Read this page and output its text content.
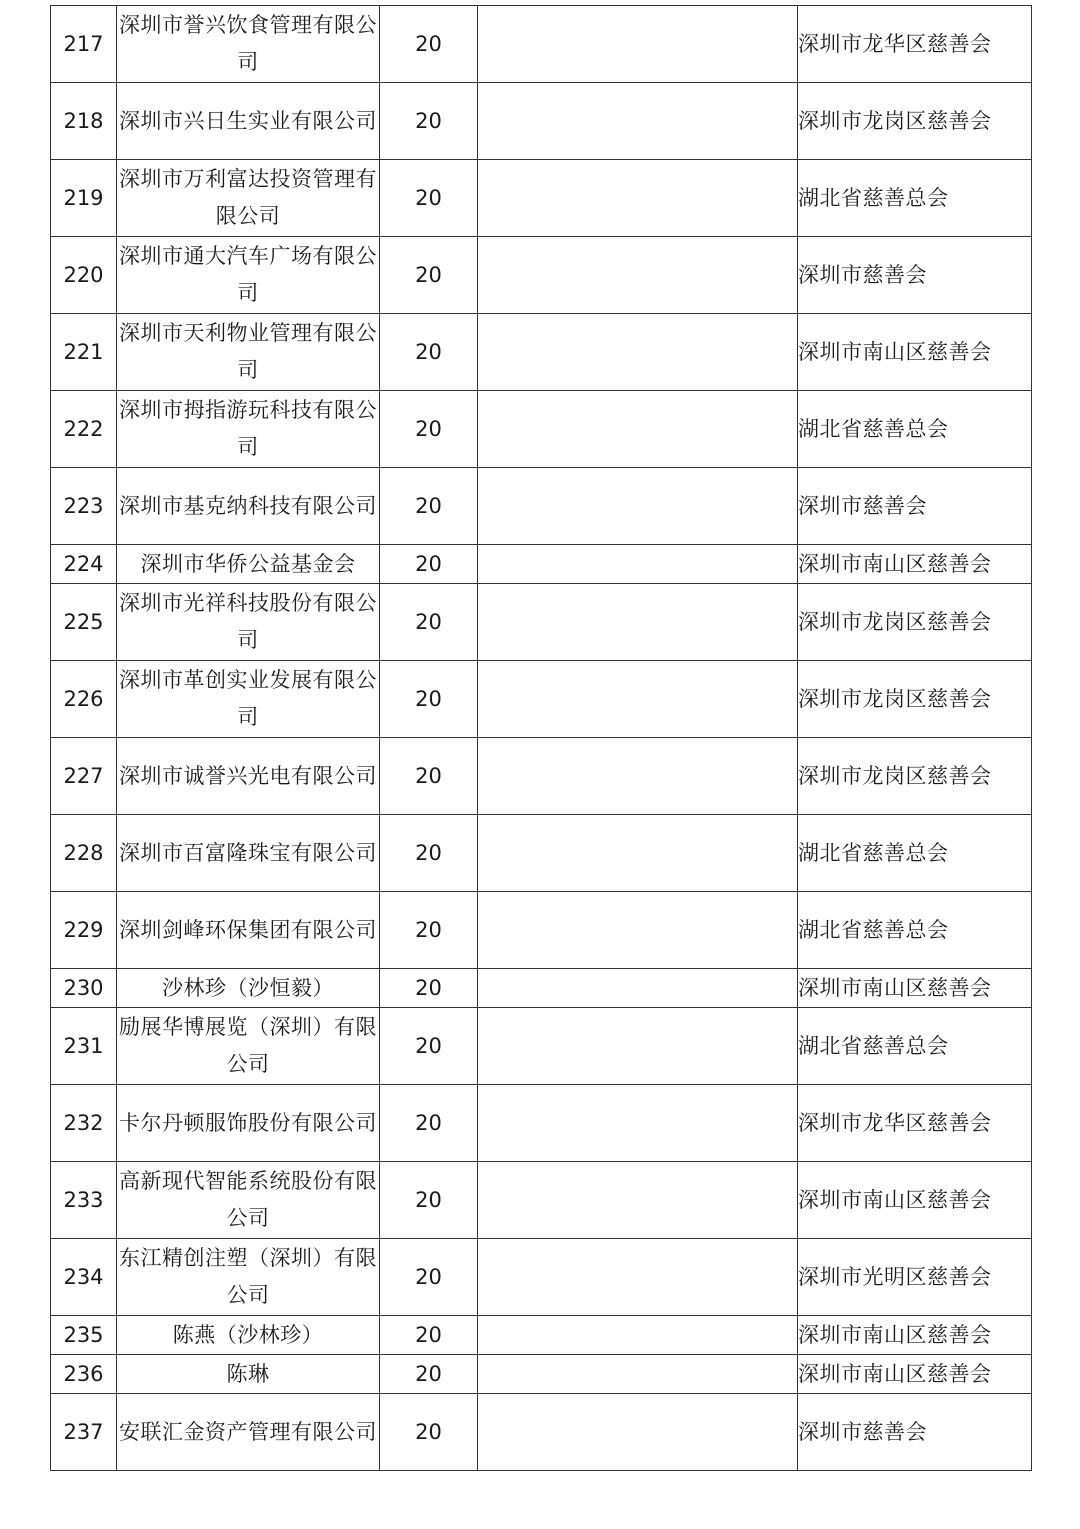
217	深圳市誉兴饮食管理有限公司	20		深圳市龙华区慈善会
218	深圳市兴日生实业有限公司	20		深圳市龙岗区慈善会
219	深圳市万利富达投资管理有限公司	20		湖北省慈善总会
220	深圳市通大汽车广场有限公司	20		深圳市慈善会
221	深圳市天利物业管理有限公司	20		深圳市南山区慈善会
222	深圳市拇指游玩科技有限公司	20		湖北省慈善总会
223	深圳市基克纳科技有限公司	20		深圳市慈善会
224	深圳市华侨公益基金会	20		深圳市南山区慈善会
225	深圳市光祥科技股份有限公司	20		深圳市龙岗区慈善会
226	深圳市革创实业发展有限公司	20		深圳市龙岗区慈善会
227	深圳市诚誉兴光电有限公司	20		深圳市龙岗区慈善会
228	深圳市百富隆珠宝有限公司	20		湖北省慈善总会
229	深圳剑峰环保集团有限公司	20		湖北省慈善总会
230	沙林珍（沙恒毅）	20		深圳市南山区慈善会
231	励展华博展览（深圳）有限公司	20		湖北省慈善总会
232	卡尔丹顿服饰股份有限公司	20		深圳市龙华区慈善会
233	高新现代智能系统股份有限公司	20		深圳市南山区慈善会
234	东江精创注塑（深圳）有限公司	20		深圳市光明区慈善会
235	陈燕（沙林珍）	20		深圳市南山区慈善会
236	陈琳	20		深圳市南山区慈善会
237	安联汇金资产管理有限公司	20		深圳市慈善会
